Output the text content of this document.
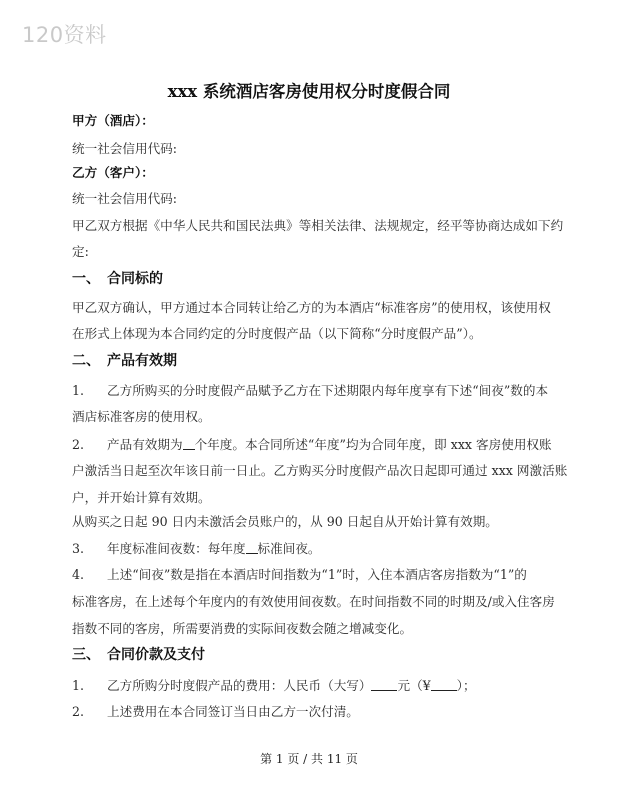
120资料
xxx 系统酒店客房使用权分时度假合同
甲方（酒店）：
统一社会信用代码:
乙方（客户）：
统一社会信用代码:
甲乙双方根据《中华人民共和国民法典》等相关法律、法规规定，经平等协商达成如下约
定:
一、 合同标的
甲乙双方确认，甲方通过本合同转让给乙方的为本酒店“标准客房”的使用权，该使用权
在形式上体现为本合同约定的分时度假产品（以下简称“分时度假产品”）。
二、 产品有效期
1. 乙方所购买的分时度假产品赋予乙方在下述期限内每年度享有下述“间夜”数的本
酒店标准客房的使用权。
2. 产品有效期为 个年度。本合同所述“年度”均为合同年度，即 xxx 客房使用权账
户激活当日起至次年该日前一日止。乙方购买分时度假产品次日起即可通过 xxx 网激活账
户，并开始计算有效期。
从购买之日起 90 日内未激活会员账户的，从 90 日起自从开始计算有效期。
3. 年度标准间夜数：每年度 标准间夜。
4. 上述“间夜”数是指在本酒店时间指数为“1”时，入住本酒店客房指数为“1”的
标准客房，在上述每个年度内的有效使用间夜数。在时间指数不同的时期及/或入住客房
指数不同的客房，所需要消费的实际间夜数会随之增减变化。
三、 合同价款及支付
1. 乙方所购分时度假产品的费用：人民币（大写） 元（¥ ）；
2. 上述费用在本合同签订当日由乙方一次付清。
第 1 页 / 共 11 页
